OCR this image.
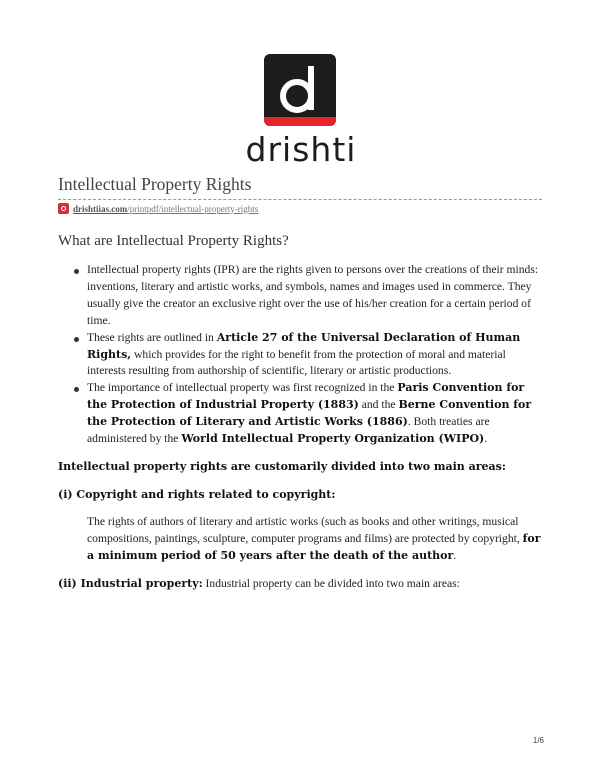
drishti
Intellectual Property Rights
drishtiias.com /printpdf/intellectual-property-rights
What are Intellectual Property Rights?
Intellectual property rights (IPR) are the rights given to persons over the creations of their minds: inventions, literary and artistic works, and symbols, names and images used in commerce. They usually give the creator an exclusive right over the use of his/her creation for a certain period of time.
These rights are outlined in Article 27 of the Universal Declaration of Human Rights, which provides for the right to benefit from the protection of moral and material interests resulting from authorship of scientific, literary or artistic productions.
The importance of intellectual property was first recognized in the Paris Convention for the Protection of Industrial Property (1883) and the Berne Convention for the Protection of Literary and Artistic Works (1886). Both treaties are administered by the World Intellectual Property Organization (WIPO).

Intellectual property rights are customarily divided into two main areas:

(i) Copyright and rights related to copyright:

The rights of authors of literary and artistic works (such as books and other writings, musical compositions, paintings, sculpture, computer programs and films) are protected by copyright, for a minimum period of 50 years after the death of the author.

(ii) Industrial property: Industrial property can be divided into two main areas:

1/6
